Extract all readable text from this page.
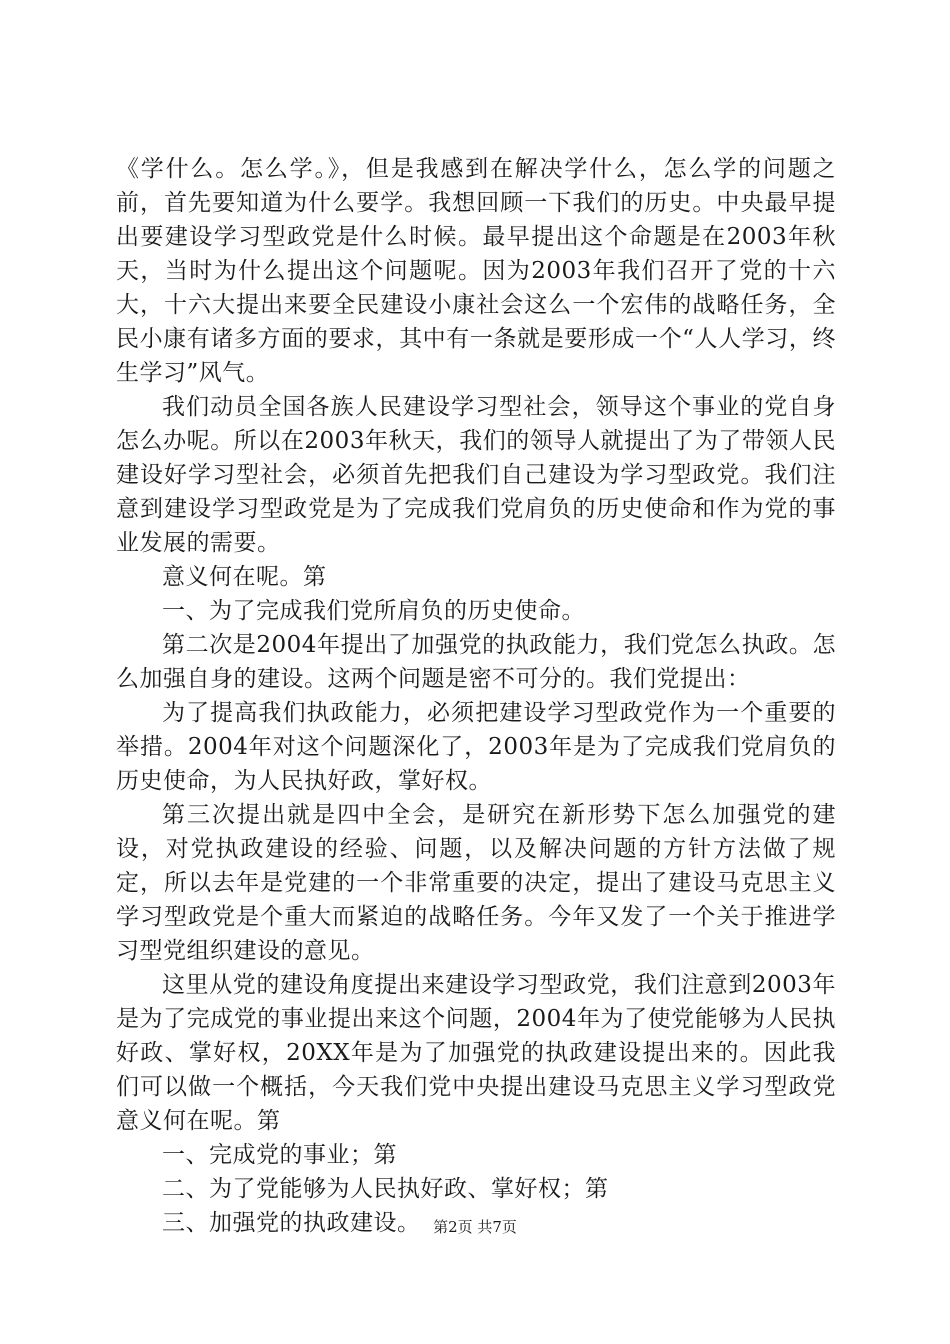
《学什么。怎么学。》，但是我感到在解决学什么，怎么学的问题之前，首先要知道为什么要学。我想回顾一下我们的历史。中央最早提出要建设学习型政党是什么时候。最早提出这个命题是在2003年秋天，当时为什么提出这个问题呢。因为2003年我们召开了党的十六大，十六大提出来要全民建设小康社会这么一个宏伟的战略任务，全民小康有诸多方面的要求，其中有一条就是要形成一个“人人学习，终生学习”风气。

我们动员全国各族人民建设学习型社会，领导这个事业的党自身怎么办呢。所以在2003年秋天，我们的领导人就提出了为了带领人民建设好学习型社会，必须首先把我们自己建设为学习型政党。我们注意到建设学习型政党是为了完成我们党肩负的历史使命和作为党的事业发展的需要。

意义何在呢。第

一、为了完成我们党所肩负的历史使命。

第二次是2004年提出了加强党的执政能力，我们党怎么执政。怎么加强自身的建设。这两个问题是密不可分的。我们党提出：

为了提高我们执政能力，必须把建设学习型政党作为一个重要的举措。2004年对这个问题深化了，2003年是为了完成我们党肩负的历史使命，为人民执好政，掌好权。

第三次提出就是四中全会，是研究在新形势下怎么加强党的建设，对党执政建设的经验、问题，以及解决问题的方针方法做了规定，所以去年是党建的一个非常重要的决定，提出了建设马克思主义学习型政党是个重大而紧迫的战略任务。今年又发了一个关于推进学习型党组织建设的意见。

这里从党的建设角度提出来建设学习型政党，我们注意到2003年是为了完成党的事业提出来这个问题，2004年为了使党能够为人民执好政、掌好权，20XX年是为了加强党的执政建设提出来的。因此我们可以做一个概括，今天我们党中央提出建设马克思主义学习型政党意义何在呢。第

一、完成党的事业；第

二、为了党能够为人民执好政、掌好权；第

三、加强党的执政建设。 第2页 共7页
